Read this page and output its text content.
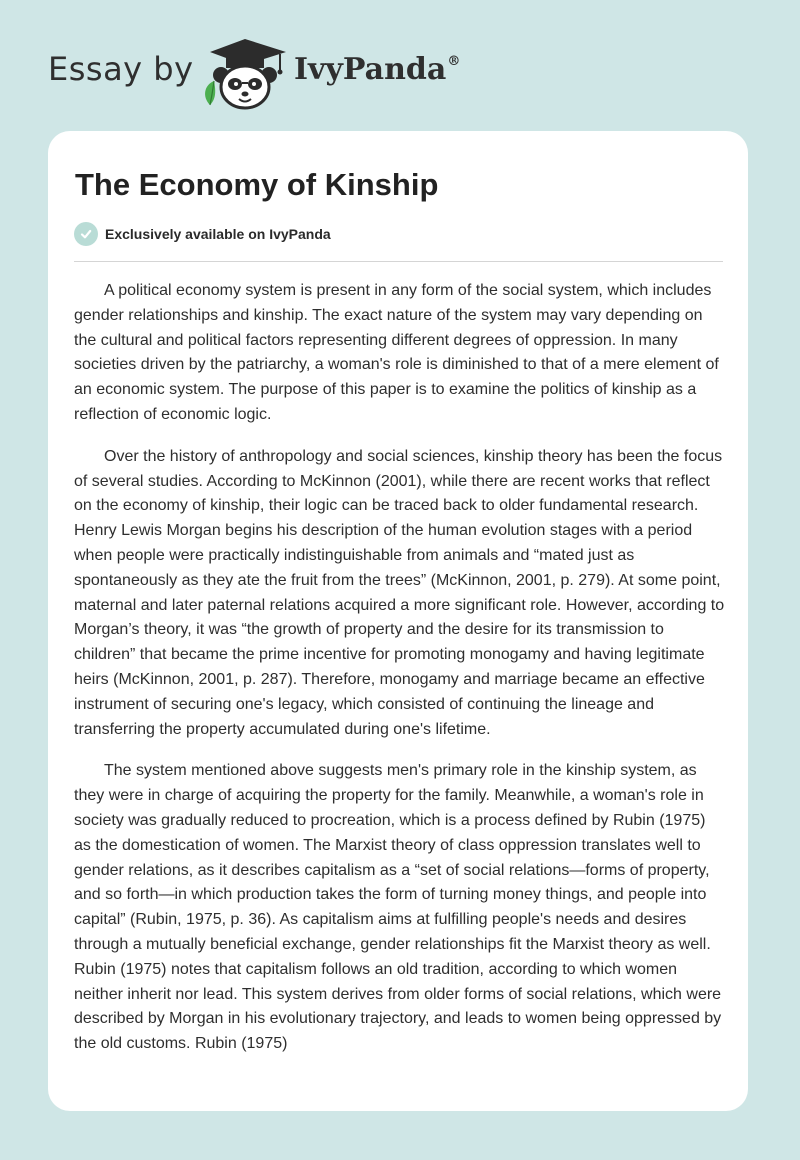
Essay by	IvyPanda®
The Economy of Kinship
Exclusively available on IvyPanda

A political economy system is present in any form of the social system, which includes gender relationships and kinship. The exact nature of the system may vary depending on the cultural and political factors representing different degrees of oppression. In many societies driven by the patriarchy, a woman's role is diminished to that of a mere element of an economic system. The purpose of this paper is to examine the politics of kinship as a reflection of economic logic.

Over the history of anthropology and social sciences, kinship theory has been the focus of several studies. According to McKinnon (2001), while there are recent works that reflect on the economy of kinship, their logic can be traced back to older fundamental research. Henry Lewis Morgan begins his description of the human evolution stages with a period when people were practically indistinguishable from animals and “mated just as spontaneously as they ate the fruit from the trees” (McKinnon, 2001, p. 279). At some point, maternal and later paternal relations acquired a more significant role. However, according to Morgan’s theory, it was “the growth of property and the desire for its transmission to children” that became the prime incentive for promoting monogamy and having legitimate heirs (McKinnon, 2001, p. 287). Therefore, monogamy and marriage became an effective instrument of securing one's legacy, which consisted of continuing the lineage and transferring the property accumulated during one's lifetime.

The system mentioned above suggests men's primary role in the kinship system, as they were in charge of acquiring the property for the family. Meanwhile, a woman's role in society was gradually reduced to procreation, which is a process defined by Rubin (1975) as the domestication of women. The Marxist theory of class oppression translates well to gender relations, as it describes capitalism as a “set of social relations—forms of property, and so forth—in which production takes the form of turning money things, and people into capital” (Rubin, 1975, p. 36). As capitalism aims at fulfilling people's needs and desires through a mutually beneficial exchange, gender relationships fit the Marxist theory as well. Rubin (1975) notes that capitalism follows an old tradition, according to which women neither inherit nor lead. This system derives from older forms of social relations, which were described by Morgan in his evolutionary trajectory, and leads to women being oppressed by the old customs. Rubin (1975)
